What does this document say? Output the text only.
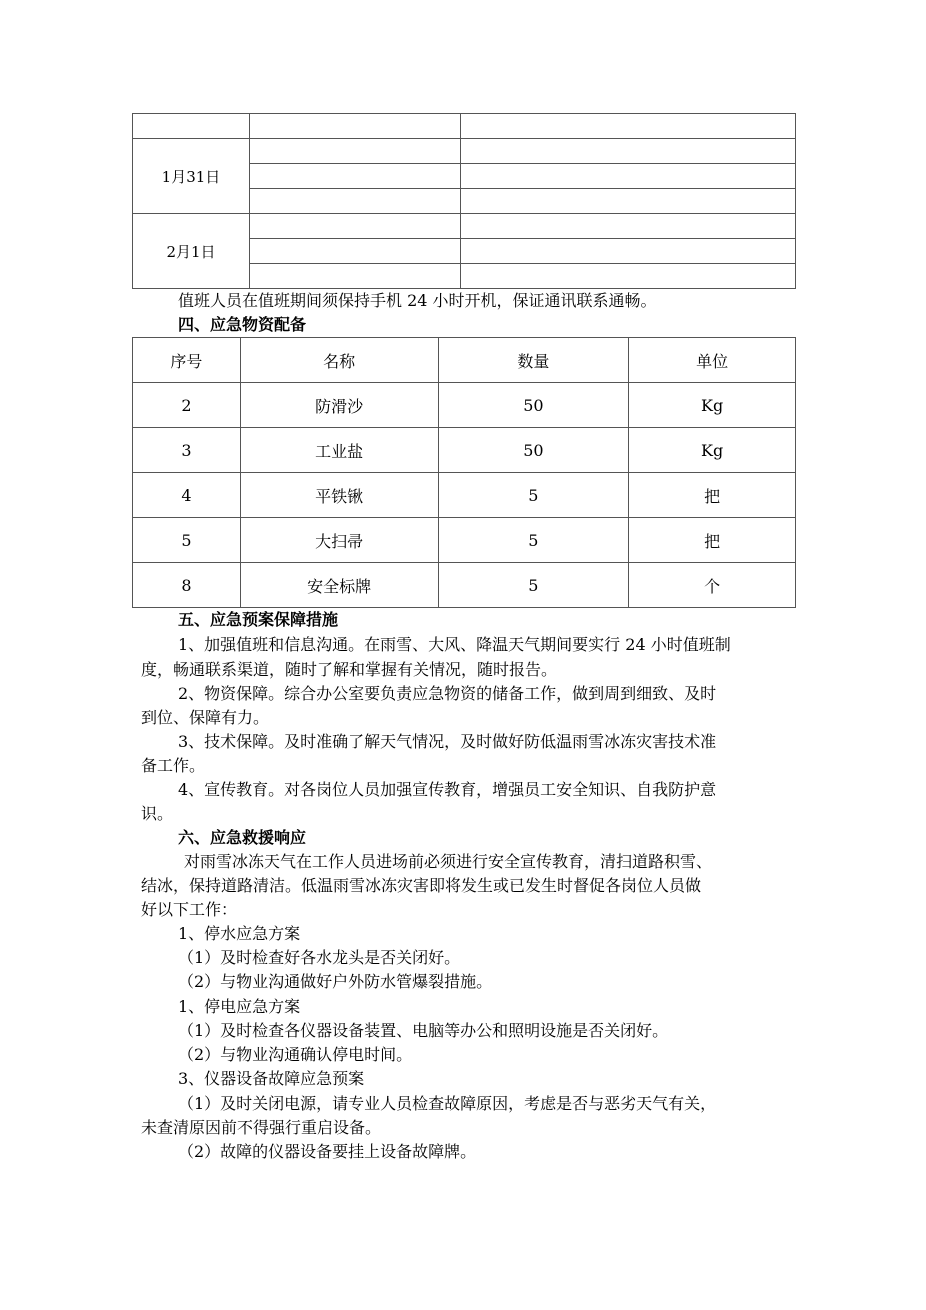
1月31日		

2月1日		

值班人员在值班期间须保持手机 24 小时开机，保证通讯联系通畅。
四、应急物资配备
序号	名称	数量	单位
2	防滑沙	50	Kg
3	工业盐	50	Kg
4	平铁锹	5	把
5	大扫帚	5	把
8	安全标牌	5	个
五、应急预案保障措施
1、加强值班和信息沟通。在雨雪、大风、降温天气期间要实行 24 小时值班制
度，畅通联系渠道，随时了解和掌握有关情况，随时报告。
2、物资保障。综合办公室要负责应急物资的储备工作，做到周到细致、及时
到位、保障有力。
3、技术保障。及时准确了解天气情况，及时做好防低温雨雪冰冻灾害技术准
备工作。
4、宣传教育。对各岗位人员加强宣传教育，增强员工安全知识、自我防护意
识。
六、应急救援响应
对雨雪冰冻天气在工作人员进场前必须进行安全宣传教育，清扫道路积雪、
结冰，保持道路清洁。低温雨雪冰冻灾害即将发生或已发生时督促各岗位人员做
好以下工作：
1、停水应急方案
（1）及时检查好各水龙头是否关闭好。
（2）与物业沟通做好户外防水管爆裂措施。
1、停电应急方案
（1）及时检查各仪器设备装置、电脑等办公和照明设施是否关闭好。
（2）与物业沟通确认停电时间。
3、仪器设备故障应急预案
（1）及时关闭电源，请专业人员检查故障原因，考虑是否与恶劣天气有关，
未查清原因前不得强行重启设备。
（2）故障的仪器设备要挂上设备故障牌。
